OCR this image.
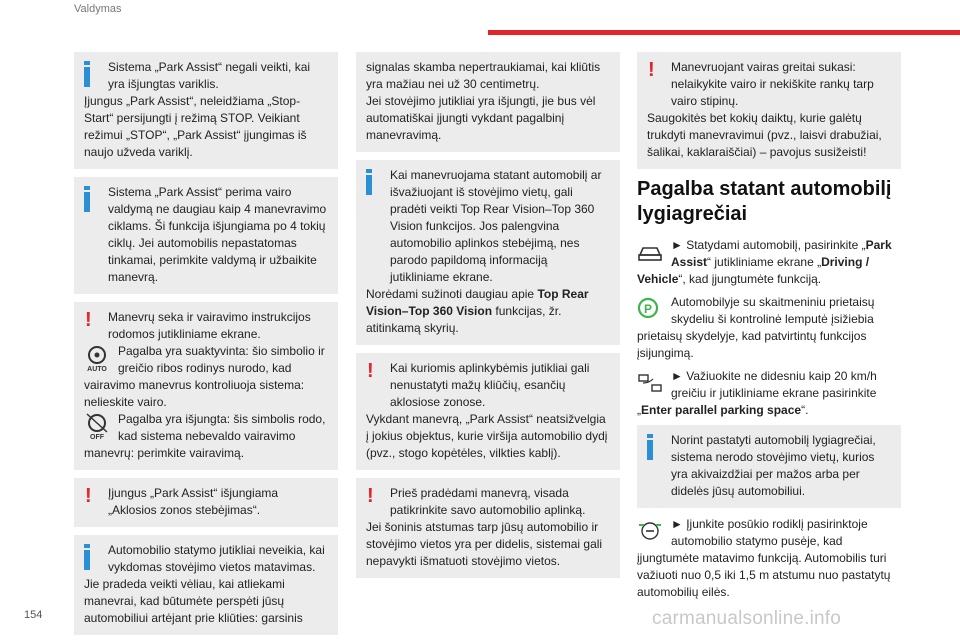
Valdymas

Sistema „Park Assist“ negali veikti, kai yra išjungtas variklis.

Įjungus „Park Assist“, neleidžiama „Stop-Start“ persijungti į režimą STOP. Veikiant režimui „STOP“, „Park Assist“ įjungimas iš naujo užveda variklį.

Sistema „Park Assist“ perima vairo valdymą ne daugiau kaip 4 manevravimo ciklams. Ši funkcija išjungiama po 4 tokių ciklų. Jei automobilis nepastatomas tinkamai, perimkite valdymą ir užbaikite manevrą.

!	Manevrų seka ir vairavimo instrukcijos rodomos jutikliniame ekrane.

AUTO
Pagalba yra suaktyvinta: šio simbolio ir greičio ribos rodinys nurodo, kad vairavimo manevrus kontroliuoja sistema: nelieskite vairo.

OFF
Pagalba yra išjungta: šis simbolis rodo, kad sistema nebevaldo vairavimo manevrų: perimkite vairavimą.

!	Įjungus „Park Assist“ išjungiama „Aklosios zonos stebėjimas“.

Automobilio statymo jutikliai neveikia, kai vykdomas stovėjimo vietos matavimas.

Jie pradeda veikti vėliau, kai atliekami manevrai, kad būtumėte perspėti jūsų automobiliui artėjant prie kliūties: garsinis

signalas skamba nepertraukiamai, kai kliūtis yra mažiau nei už 30 centimetrų.
Jei stovėjimo jutikliai yra išjungti, jie bus vėl automatiškai įjungti vykdant pagalbinį manevravimą.

Kai manevruojama statant automobilį ar išvažiuojant iš stovėjimo vietų, gali pradėti veikti Top Rear Vision–Top 360 Vision funkcijos. Jos palengvina automobilio aplinkos stebėjimą, nes parodo papildomą informaciją jutikliniame ekrane.

Norėdami sužinoti daugiau apie Top Rear Vision–Top 360 Vision funkcijas, žr. atitinkamą skyrių.

!	Kai kuriomis aplinkybėmis jutikliai gali nenustatyti mažų kliūčių, esančių aklosiose zonose.

Vykdant manevrą, „Park Assist“ neatsižvelgia į jokius objektus, kurie viršija automobilio dydį (pvz., stogo kopėtėles, vilkties kablį).

!	Prieš pradėdami manevrą, visada patikrinkite savo automobilio aplinką.

Jei šoninis atstumas tarp jūsų automobilio ir stovėjimo vietos yra per didelis, sistemai gali nepavykti išmatuoti stovėjimo vietos.

!	Manevruojant vairas greitai sukasi: nelaikykite vairo ir nekiškite rankų tarp vairo stipinų.

Saugokitės bet kokių daiktų, kurie galėtų trukdyti manevravimui (pvz., laisvi drabužiai, šalikai, kaklaraiščiai) – pavojus susižeisti!

Pagalba statant automobilį lygiagrečiai

► Statydami automobilį, pasirinkite „Park Assist“ jutikliniame ekrane „Driving / Vehicle“, kad įjungtumėte funkciją.

P Automobilyje su skaitmeniniu prietaisų skydeliu ši kontrolinė lemputė įsižiebia prietaisų skydelyje, kad patvirtintų funkcijos įsijungimą.

► Važiuokite ne didesniu kaip 20 km/h greičiu ir jutikliniame ekrane pasirinkite „Enter parallel parking space“.

Norint pastatyti automobilį lygiagrečiai, sistema nerodo stovėjimo vietų, kurios yra akivaizdžiai per mažos arba per didelės jūsų automobiliui.

► Įjunkite posūkio rodiklį pasirinktoje automobilio statymo pusėje, kad įjungtumėte matavimo funkciją. Automobilis turi važiuoti nuo 0,5 iki 1,5 m atstumu nuo pastatytų automobilių eilės.

154	carmanualsonline.info
